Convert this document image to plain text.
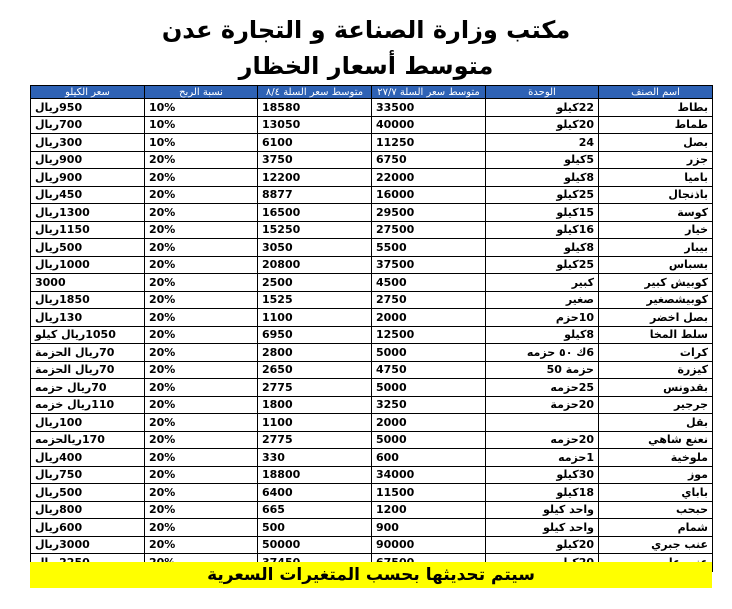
مكتب وزارة الصناعة و التجارة عدن
متوسط أسعار الخظار
اسم الصنف	الوحدة	متوسط سعر السلة ٢٧/٧	متوسط سعر السلة ٨/٤	نسبة الربح	سعر الكيلو
بطاط	22كيلو	33500	18580	10%	950ريال
طماط	20كيلو	40000	13050	10%	700ريال
بصل	24	11250	6100	10%	300ريال
جزر	5كيلو	6750	3750	20%	900ريال
باميا	8كيلو	22000	12200	20%	900ريال
باذنجال	25كيلو	16000	8877	20%	450ريال
كوسة	15كيلو	29500	16500	20%	1300ريال
خيار	16كيلو	27500	15250	20%	1150ريال
بيبار	8كيلو	5500	3050	20%	500ريال
بسباس	25كيلو	37500	20800	20%	1000ريال
كوبيش كبير	كبير	4500	2500	20%	3000
كوبيشصغير	صغير	2750	1525	20%	1850ريال
بصل اخضر	10حزم	2000	1100	20%	130ريال
سلط المخا	8كيلو	12500	6950	20%	1050ريال كيلو
كرات	6ك ٥٠ حزمه	5000	2800	20%	70ريال الحزمة
كيزرة	حزمة 50	4750	2650	20%	70ريال الحزمة
بقدونس	25حزمه	5000	2775	20%	70ريال حزمه
جرجير	20حزمة	3250	1800	20%	110ريال خزمه
بقل		2000	1100	20%	100ريال
نعنع شاهي	20حزمه	5000	2775	20%	170ريالحزمه
ملوخية	1حزمه	600	330	20%	400ريال
موز	30كيلو	34000	18800	20%	750ريال
باباي	18كيلو	11500	6400	20%	500ريال
حبحب	واحد كيلو	1200	665	20%	800ريال
شمام	واحد كيلو	900	500	20%	600ريال
عنب جبري	20كيلو	90000	50000	20%	3000ريال

سيتم تحديثها بحسب المتغيرات السعرية
